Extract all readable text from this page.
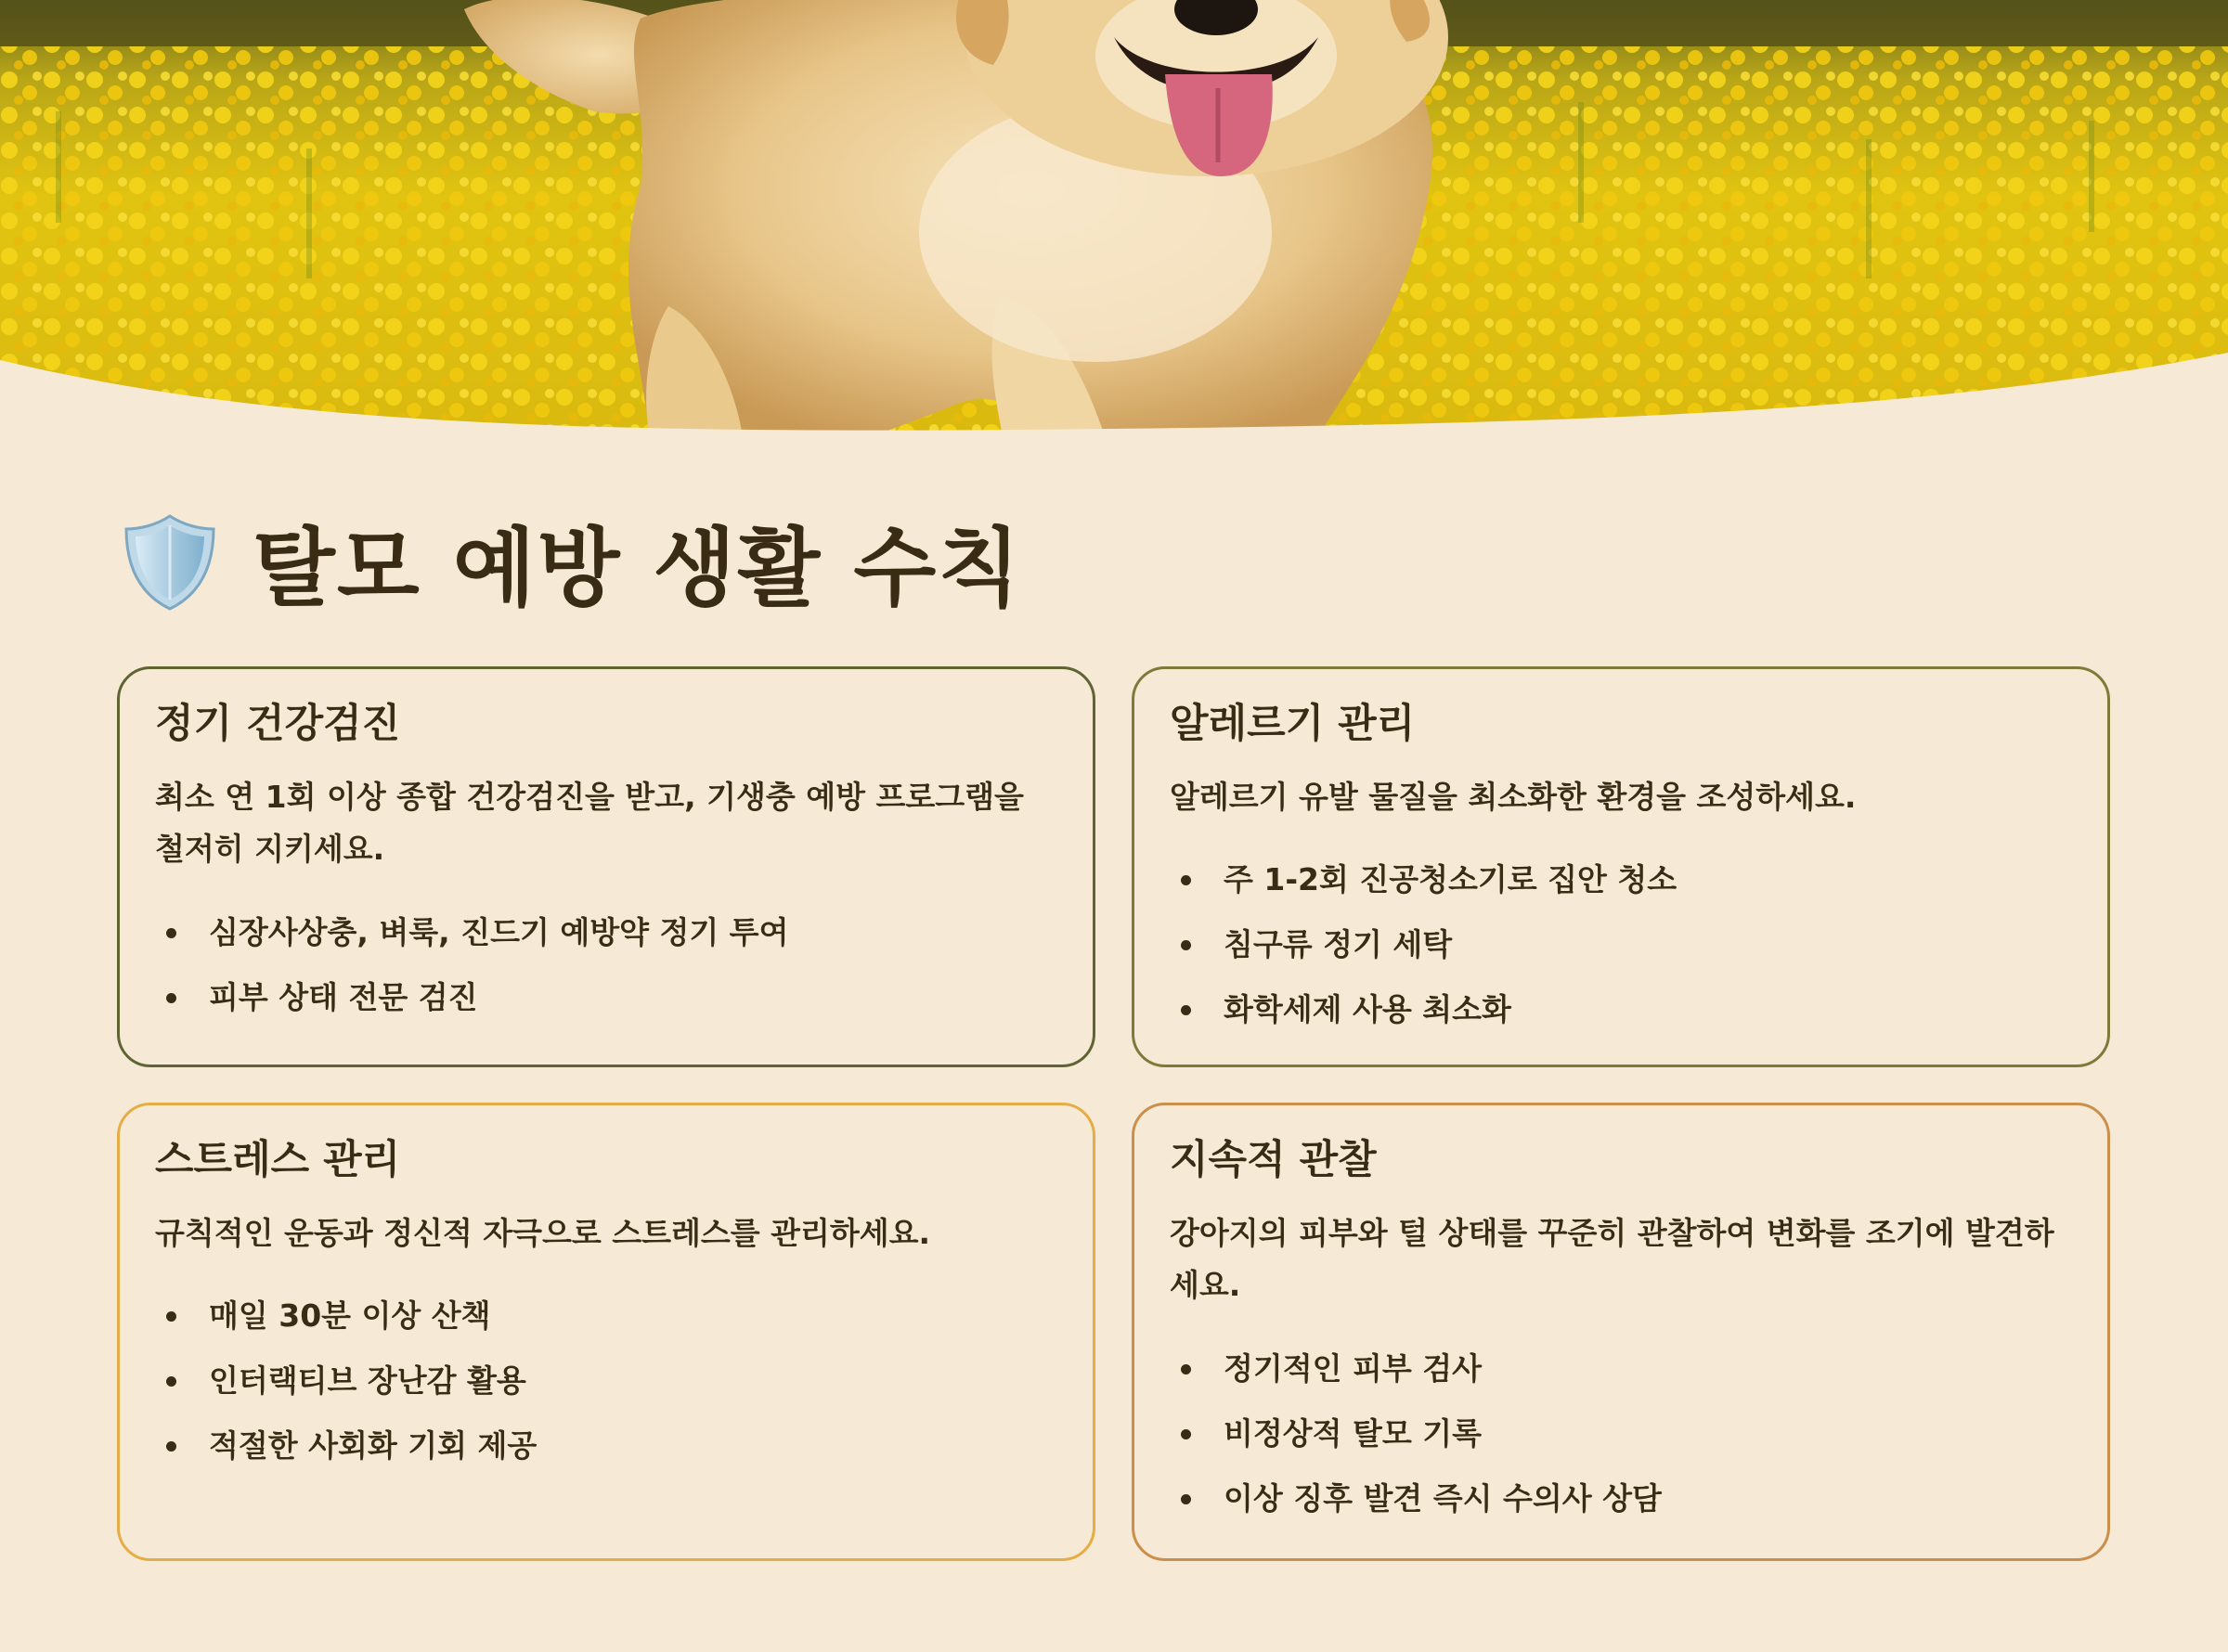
탈모 예방 생활 수칙
정기 건강검진

최소 연 1회 이상 종합 건강검진을 받고, 기생충 예방 프로그램을 철저히 지키세요.

심장사상충, 벼룩, 진드기 예방약 정기 투여
피부 상태 전문 검진
알레르기 관리

알레르기 유발 물질을 최소화한 환경을 조성하세요.

주 1-2회 진공청소기로 집안 청소
침구류 정기 세탁
화학세제 사용 최소화
스트레스 관리

규칙적인 운동과 정신적 자극으로 스트레스를 관리하세요.

매일 30분 이상 산책
인터랙티브 장난감 활용
적절한 사회화 기회 제공
지속적 관찰

강아지의 피부와 털 상태를 꾸준히 관찰하여 변화를 조기에 발견하세요.

정기적인 피부 검사
비정상적 탈모 기록
이상 징후 발견 즉시 수의사 상담
